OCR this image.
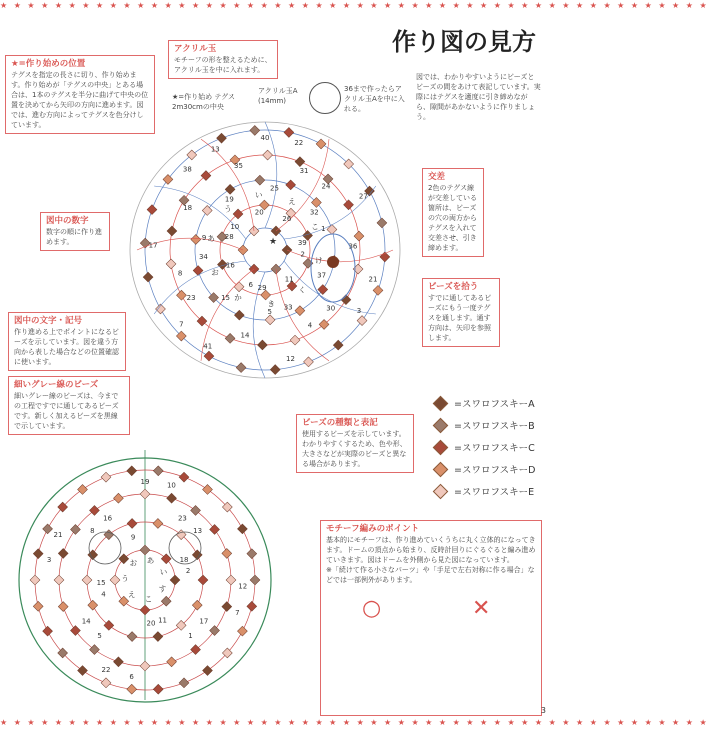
★ ★ ★ ★ ★ ★ ★ ★ ★ ★ ★ ★ ★ ★ ★ ★ ★ ★ ★ ★ ★ ★ ★ ★ ★ ★ ★ ★ ★ ★ ★ ★ ★ ★ ★ ★ ★ ★ ★ ★ ★ ★ ★ ★ ★ ★ ★ ★ ★ ★ ★ ★
★ ★ ★ ★ ★ ★ ★ ★ ★ ★ ★ ★ ★ ★ ★ ★ ★ ★ ★ ★ ★ ★ ★ ★ ★ ★ ★ ★ ★ ★ ★ ★ ★ ★ ★ ★ ★ ★ ★ ★ ★ ★ ★ ★ ★ ★ ★ ★ ★ ★ ★ ★
作り図の見方
40
31
32
39
21
30
33
29
41
23
34
28
38	35
25
26
27
36
37
11
12
14
15
16
17
18
19
20
22
24
1
2
3
4
5
6
7
8
9
10
13
け
く
き
か
お
あ
う
い
え
こ
★
19
23
18
12
17
11
6
5
4
3
8
9
10
13
2
7
1
20
22
14
15
21
16
す
こ
え
う
お あ
い
★=作り始めの位置
テグスを指定の長さに切り、作り始めます。作り始めが「テグスの中央」とある場合は、1本のテグスを半分に曲げて中央の位置を決めてから矢印の方向に進めます。図では、進む方向によってテグスを色分けしています。
アクリル玉
モチーフの形を整えるために、アクリル玉を中に入れます。
★=作り始め テグス2m30cmの中央
アクリル玉A (14mm)
36まで作ったらアクリル玉Aを中に入れる。
図では、わかりやすいようにビーズとビーズの間をあけて表記しています。実際にはテグスを適度に引き締めながら、隙間があかないように作りましょう。
図中の数字
数字の順に作り進めます。
図中の文字・記号
作り進める上でポイントになるビーズを示しています。図を違う方向から表した場合などの位置確認に使います。
交差
2色のテグス線が交差している箇所は、ビーズの穴の両方からテグスを入れて交差させ、引き締めます。
ビーズを拾う
すでに通してあるビーズにもう一度テグスを通します。通す方向は、矢印を参照します。
細いグレー線のビーズ
細いグレー線のビーズは、今までの工程ですでに通してあるビーズです。新しく加えるビーズを黒線で示しています。	ビーズの種類と表記
使用するビーズを示しています。わかりやすくするため、色や形、大きさなどが実際のビーズと異なる場合があります。
=スワロフスキーA
=スワロフスキーB
=スワロフスキーC
=スワロフスキーD
=スワロフスキーE
モチーフ編みのポイント
基本的にモチーフは、作り進めていくうちに丸く立体的になってきます。ドームの頂点から始まり、反時計回りにぐるぐると編み進めていきます。図はドームを外側から見た図になっています。
※「続けて作る小さなパーツ」や「手足で左右対称に作る場合」などでは一部例外があります。
○	✕
3
